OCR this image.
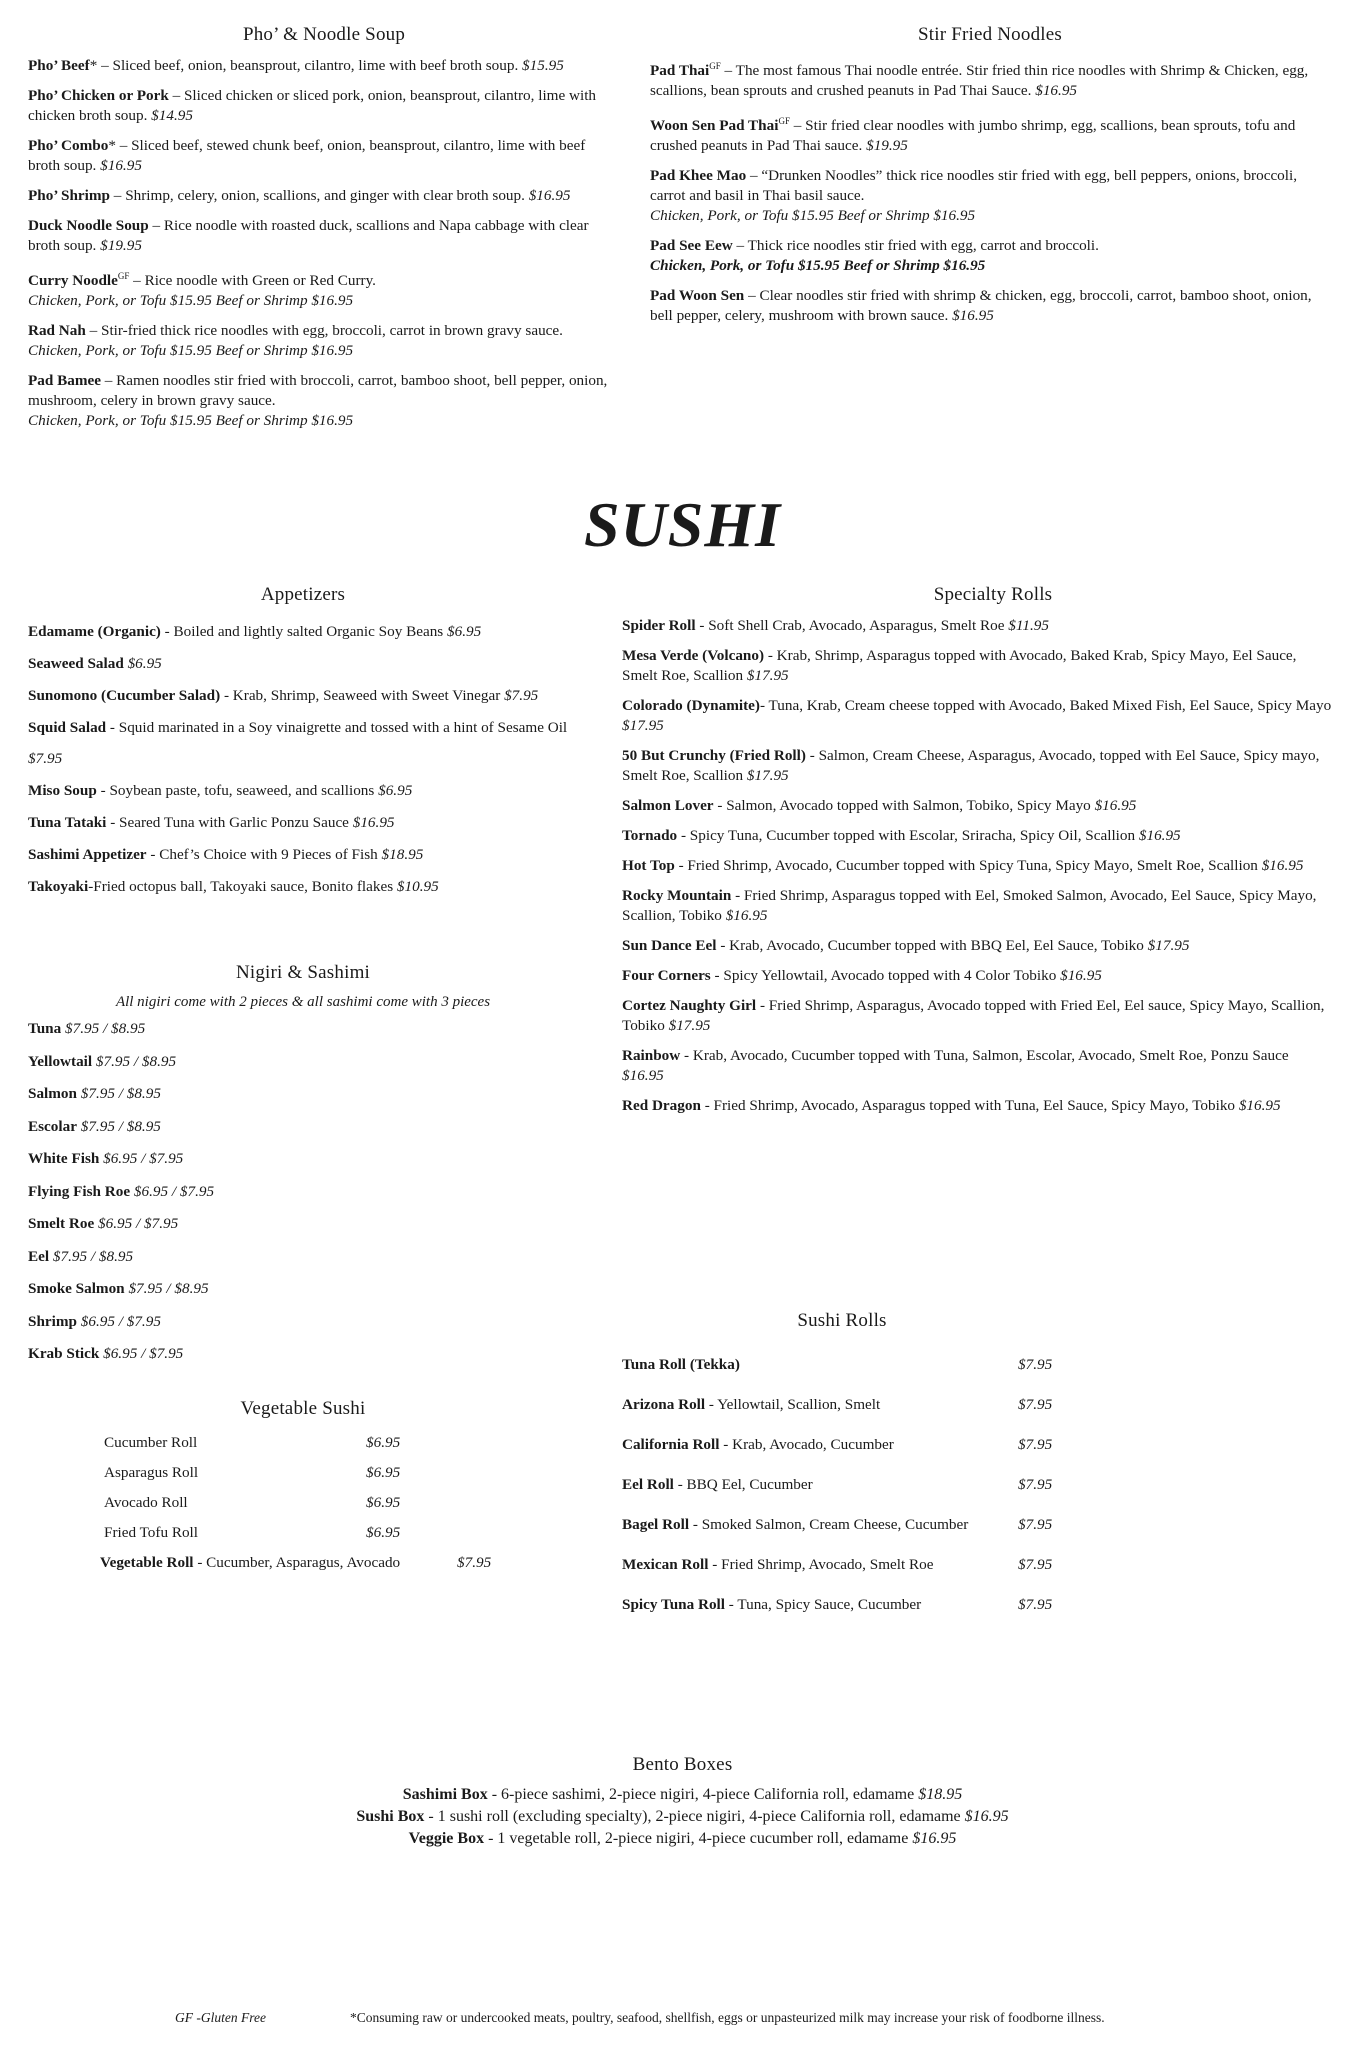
Pho’ & Noodle Soup
Pho’ Beef* – Sliced beef, onion, beansprout, cilantro, lime with beef broth soup. $15.95
Pho’ Chicken or Pork – Sliced chicken or sliced pork, onion, beansprout, cilantro, lime with chicken broth soup. $14.95
Pho’ Combo* – Sliced beef, stewed chunk beef, onion, beansprout, cilantro, lime with beef broth soup. $16.95
Pho’ Shrimp – Shrimp, celery, onion, scallions, and ginger with clear broth soup. $16.95
Duck Noodle Soup – Rice noodle with roasted duck, scallions and Napa cabbage with clear broth soup. $19.95
Curry Noodle$^{GF}$ – Rice noodle with Green or Red Curry.
Chicken, Pork, or Tofu $15.95 Beef or Shrimp $16.95
Rad Nah – Stir-fried thick rice noodles with egg, broccoli, carrot in brown gravy sauce.
Chicken, Pork, or Tofu $15.95 Beef or Shrimp $16.95
Pad Bamee – Ramen noodles stir fried with broccoli, carrot, bamboo shoot, bell pepper, onion, mushroom, celery in brown gravy sauce.
Chicken, Pork, or Tofu $15.95 Beef or Shrimp $16.95
Stir Fried Noodles
Pad Thai$^{GF}$ – The most famous Thai noodle entrée. Stir fried thin rice noodles with Shrimp & Chicken, egg, scallions, bean sprouts and crushed peanuts in Pad Thai Sauce. $16.95
Woon Sen Pad Thai$^{GF}$ – Stir fried clear noodles with jumbo shrimp, egg, scallions, bean sprouts, tofu and crushed peanuts in Pad Thai sauce. $19.95
Pad Khee Mao – “Drunken Noodles” thick rice noodles stir fried with egg, bell peppers, onions, broccoli, carrot and basil in Thai basil sauce.
Chicken, Pork, or Tofu $15.95 Beef or Shrimp $16.95
Pad See Eew – Thick rice noodles stir fried with egg, carrot and broccoli.
Chicken, Pork, or Tofu $15.95 Beef or Shrimp $16.95
Pad Woon Sen – Clear noodles stir fried with shrimp & chicken, egg, broccoli, carrot, bamboo shoot, onion, bell pepper, celery, mushroom with brown sauce. $16.95
SUSHI
Appetizers
Edamame (Organic) - Boiled and lightly salted Organic Soy Beans $6.95
Seaweed Salad $6.95
Sunomono (Cucumber Salad) - Krab, Shrimp, Seaweed with Sweet Vinegar $7.95
Squid Salad - Squid marinated in a Soy vinaigrette and tossed with a hint of Sesame Oil $7.95
Miso Soup - Soybean paste, tofu, seaweed, and scallions $6.95
Tuna Tataki - Seared Tuna with Garlic Ponzu Sauce $16.95
Sashimi Appetizer - Chef’s Choice with 9 Pieces of Fish $18.95
Takoyaki-Fried octopus ball, Takoyaki sauce, Bonito flakes $10.95
Nigiri & Sashimi
All nigiri come with 2 pieces & all sashimi come with 3 pieces
Tuna $7.95 / $8.95
Yellowtail $7.95 / $8.95
Salmon $7.95 / $8.95
Escolar $7.95 / $8.95
White Fish $6.95 / $7.95
Flying Fish Roe $6.95 / $7.95
Smelt Roe $6.95 / $7.95
Eel $7.95 / $8.95
Smoke Salmon $7.95 / $8.95
Shrimp $6.95 / $7.95
Krab Stick $6.95 / $7.95
Vegetable Sushi
Cucumber Roll	$6.95
Asparagus Roll	$6.95
Avocado Roll	$6.95
Fried Tofu Roll	$6.95
Vegetable Roll - Cucumber, Asparagus, Avocado	$7.95
Specialty Rolls
Spider Roll - Soft Shell Crab, Avocado, Asparagus, Smelt Roe $11.95
Mesa Verde (Volcano) - Krab, Shrimp, Asparagus topped with Avocado, Baked Krab, Spicy Mayo, Eel Sauce, Smelt Roe, Scallion $17.95
Colorado (Dynamite)- Tuna, Krab, Cream cheese topped with Avocado, Baked Mixed Fish, Eel Sauce, Spicy Mayo $17.95
50 But Crunchy (Fried Roll) - Salmon, Cream Cheese, Asparagus, Avocado, topped with Eel Sauce, Spicy mayo, Smelt Roe, Scallion $17.95
Salmon Lover - Salmon, Avocado topped with Salmon, Tobiko, Spicy Mayo $16.95
Tornado - Spicy Tuna, Cucumber topped with Escolar, Sriracha, Spicy Oil, Scallion $16.95
Hot Top - Fried Shrimp, Avocado, Cucumber topped with Spicy Tuna, Spicy Mayo, Smelt Roe, Scallion $16.95
Rocky Mountain - Fried Shrimp, Asparagus topped with Eel, Smoked Salmon, Avocado, Eel Sauce, Spicy Mayo, Scallion, Tobiko $16.95
Sun Dance Eel - Krab, Avocado, Cucumber topped with BBQ Eel, Eel Sauce, Tobiko $17.95
Four Corners - Spicy Yellowtail, Avocado topped with 4 Color Tobiko $16.95
Cortez Naughty Girl - Fried Shrimp, Asparagus, Avocado topped with Fried Eel, Eel sauce, Spicy Mayo, Scallion, Tobiko $17.95
Rainbow - Krab, Avocado, Cucumber topped with Tuna, Salmon, Escolar, Avocado, Smelt Roe, Ponzu Sauce $16.95
Red Dragon - Fried Shrimp, Avocado, Asparagus topped with Tuna, Eel Sauce, Spicy Mayo, Tobiko $16.95
Sushi Rolls
Tuna Roll (Tekka)	$7.95
Arizona Roll - Yellowtail, Scallion, Smelt	$7.95
California Roll - Krab, Avocado, Cucumber	$7.95
Eel Roll - BBQ Eel, Cucumber	$7.95
Bagel Roll - Smoked Salmon, Cream Cheese, Cucumber	$7.95
Mexican Roll - Fried Shrimp, Avocado, Smelt Roe	$7.95
Spicy Tuna Roll - Tuna, Spicy Sauce, Cucumber	$7.95
Bento Boxes
Sashimi Box - 6-piece sashimi, 2-piece nigiri, 4-piece California roll, edamame $18.95
Sushi Box - 1 sushi roll (excluding specialty), 2-piece nigiri, 4-piece California roll, edamame $16.95
Veggie Box - 1 vegetable roll, 2-piece nigiri, 4-piece cucumber roll, edamame $16.95
GF -Gluten Free	*Consuming raw or undercooked meats, poultry, seafood, shellfish, eggs or unpasteurized milk may increase your risk of foodborne illness.
